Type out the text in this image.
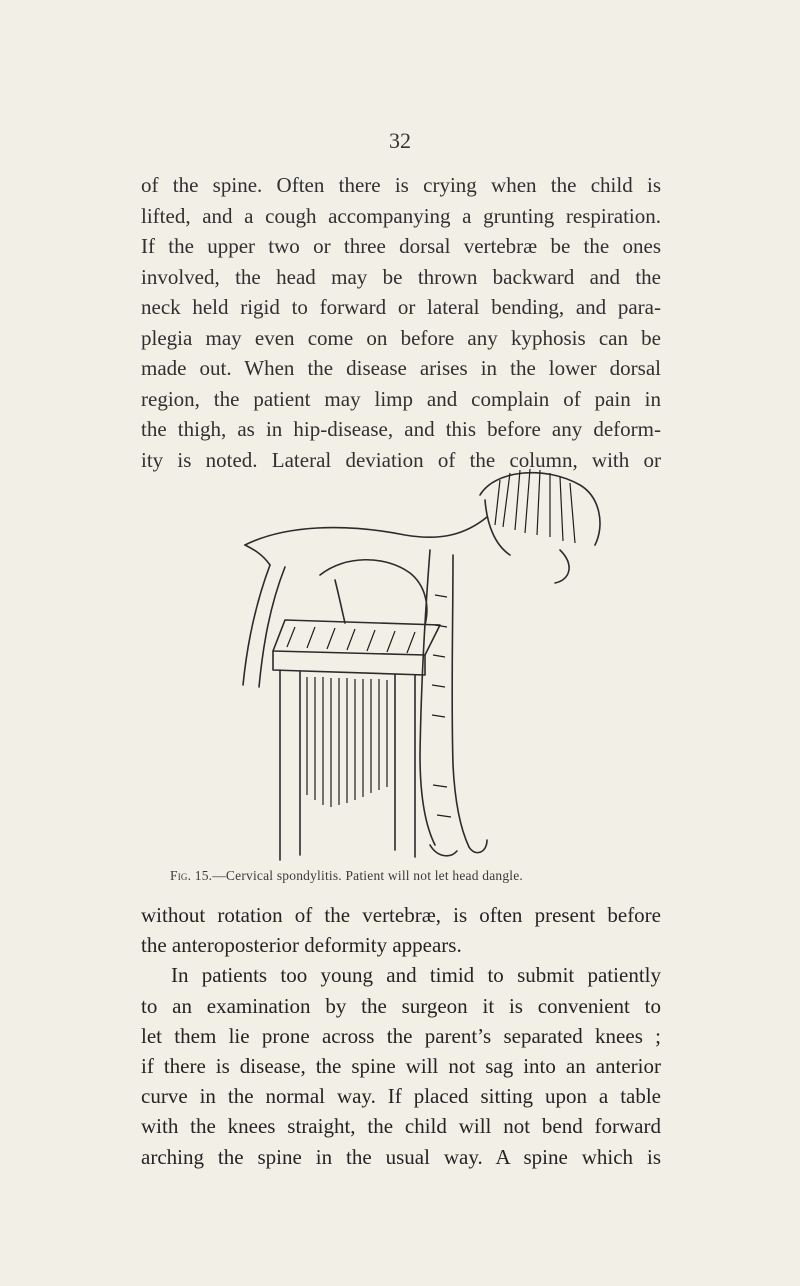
32

of the spine. Often there is crying when the child is
lifted, and a cough accompanying a grunting respiration.
If the upper two or three dorsal vertebræ be the ones
involved, the head may be thrown backward and the
neck held rigid to forward or lateral bending, and para-
plegia may even come on before any kyphosis can be
made out. When the disease arises in the lower dorsal
region, the patient may limp and complain of pain in
the thigh, as in hip-disease, and this before any deform-
ity is noted. Lateral deviation of the column, with or

Fig. 15.—Cervical spondylitis. Patient will not let head dangle.

without rotation of the vertebræ, is often present before
the anteroposterior deformity appears.
In patients too young and timid to submit patiently
to an examination by the surgeon it is convenient to
let them lie prone across the parent’s separated knees ;
if there is disease, the spine will not sag into an anterior
curve in the normal way. If placed sitting upon a table
with the knees straight, the child will not bend forward
arching the spine in the usual way. A spine which is
